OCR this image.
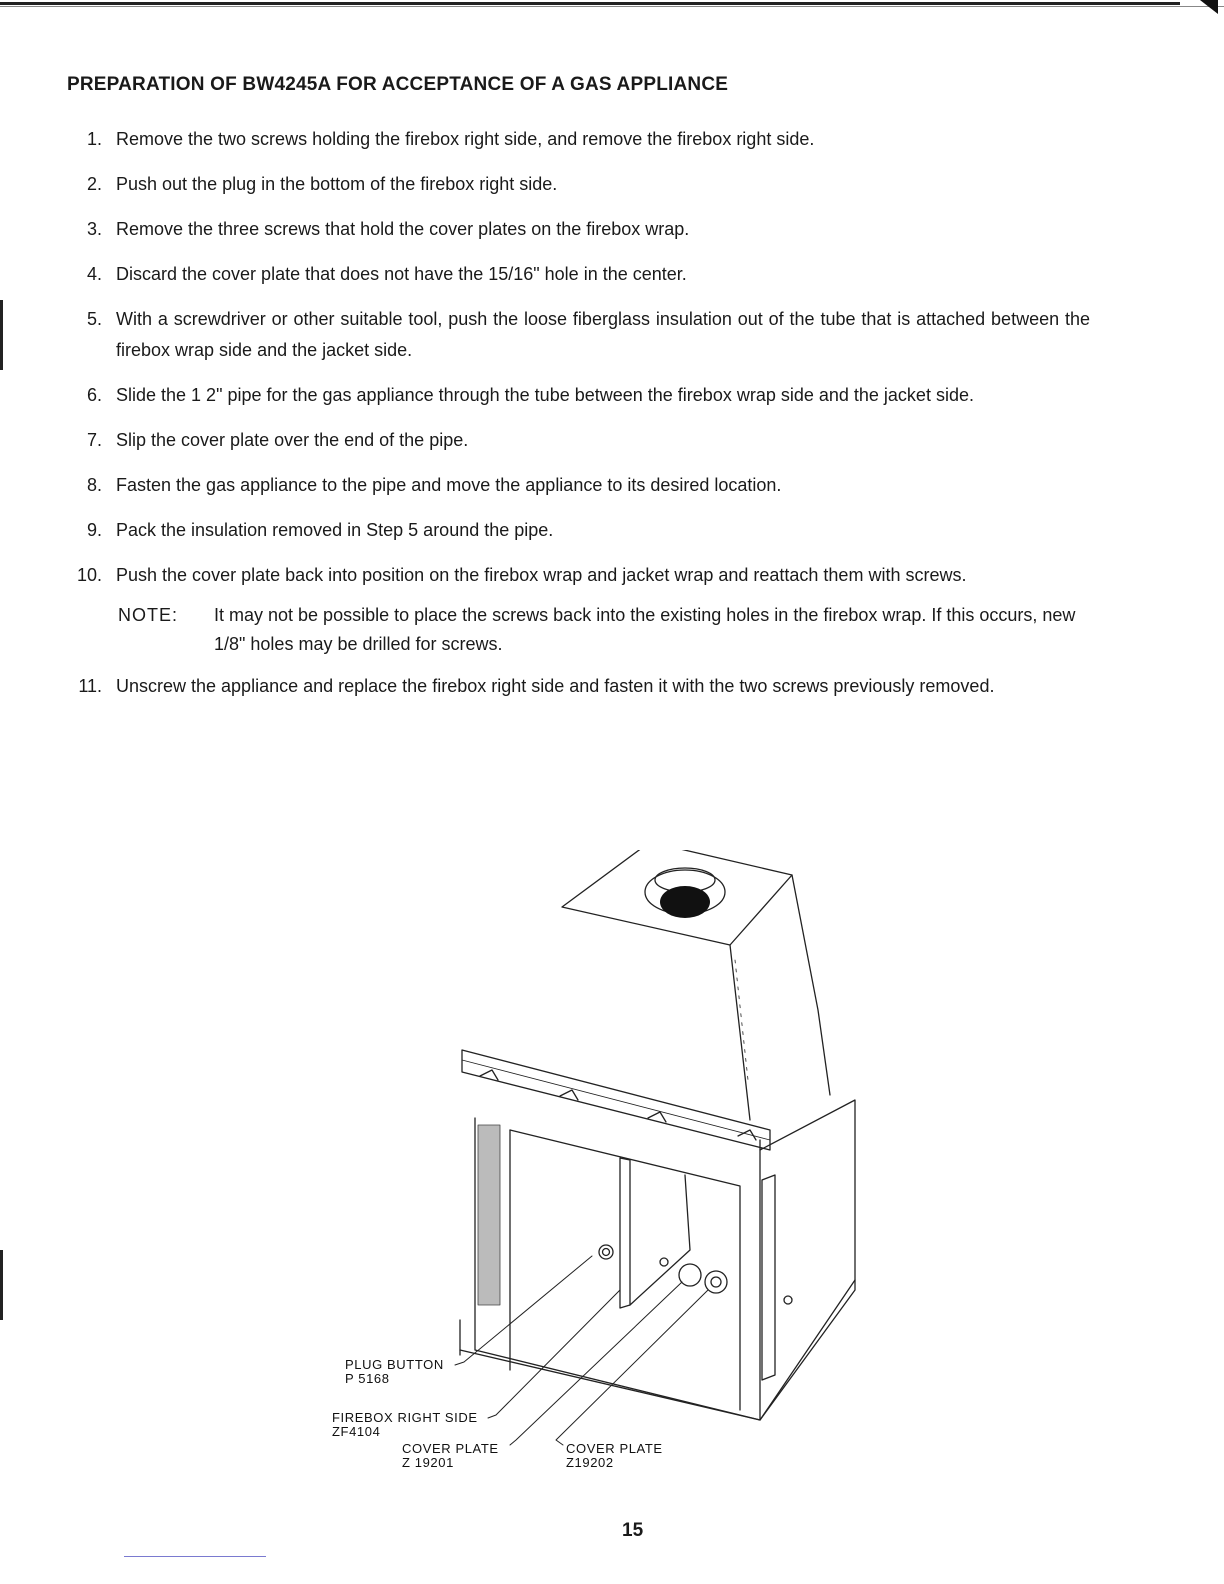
PREPARATION OF BW4245A FOR ACCEPTANCE OF A GAS APPLIANCE
1. Remove the two screws holding the firebox right side, and remove the firebox right side.
2. Push out the plug in the bottom of the firebox right side.
3. Remove the three screws that hold the cover plates on the firebox wrap.
4. Discard the cover plate that does not have the 15/16" hole in the center.
5. With a screwdriver or other suitable tool, push the loose fiberglass insulation out of the tube that is attached between the firebox wrap side and the jacket side.
6. Slide the 1 2" pipe for the gas appliance through the tube between the firebox wrap side and the jacket side.
7. Slip the cover plate over the end of the pipe.
8. Fasten the gas appliance to the pipe and move the appliance to its desired location.
9. Pack the insulation removed in Step 5 around the pipe.
10. Push the cover plate back into position on the firebox wrap and jacket wrap and reattach them with screws.
NOTE:	It may not be possible to place the screws back into the existing holes in the firebox wrap. If this occurs, new 1/8" holes may be drilled for screws.
11. Unscrew the appliance and replace the firebox right side and fasten it with the two screws previously removed.
PLUG BUTTON
P 5168
FIREBOX RIGHT SIDE
ZF4104
COVER PLATE
Z 19201
COVER PLATE
Z19202
15
